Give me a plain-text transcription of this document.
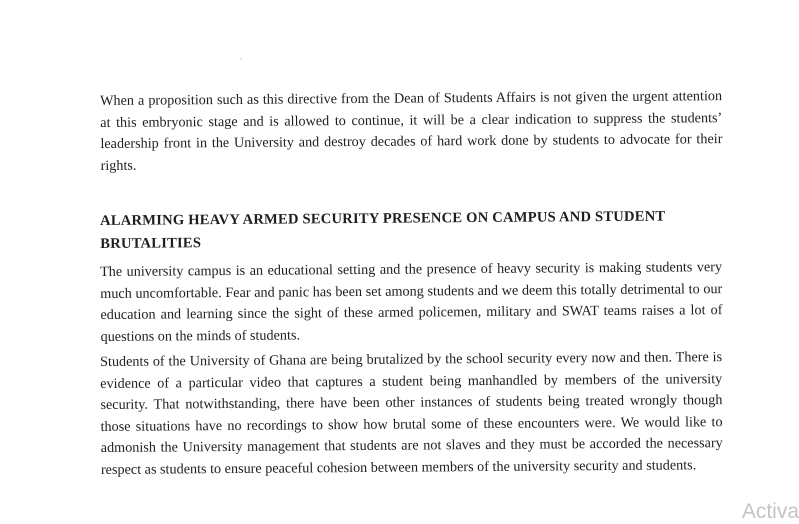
When a proposition such as this directive from the Dean of Students Affairs is not given the urgent attention at this embryonic stage and is allowed to continue, it will be a clear indication to suppress the students’ leadership front in the University and destroy decades of hard work done by students to advocate for their rights.

ALARMING HEAVY ARMED SECURITY PRESENCE ON CAMPUS AND STUDENT BRUTALITIES

The university campus is an educational setting and the presence of heavy security is making students very much uncomfortable. Fear and panic has been set among students and we deem this totally detrimental to our education and learning since the sight of these armed policemen, military and SWAT teams raises a lot of questions on the minds of students.

Students of the University of Ghana are being brutalized by the school security every now and then. There is evidence of a particular video that captures a student being manhandled by members of the university security. That notwithstanding, there have been other instances of students being treated wrongly though those situations have no recordings to show how brutal some of these encounters were. We would like to admonish the University management that students are not slaves and they must be accorded the necessary respect as students to ensure peaceful cohesion between members of the university security and students.

Activa
